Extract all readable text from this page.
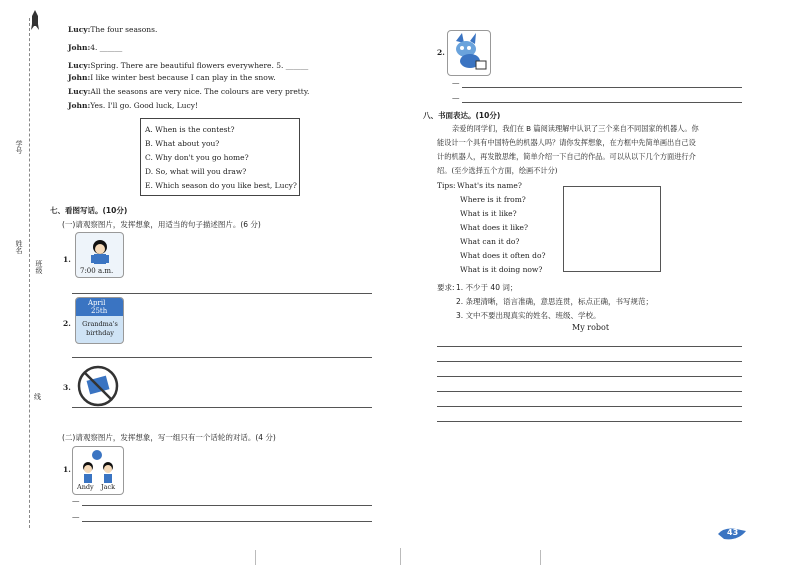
学号
姓名
班级
线
Lucy:The four seasons.
John:4. ______
Lucy:Spring. There are beautiful flowers everywhere. 5. ______
John:I like winter best because I can play in the snow.
Lucy:All the seasons are very nice. The colours are very pretty.
John:Yes. I'll go. Good luck, Lucy!
A. When is the contest?
B. What about you?
C. Why don't you go home?
D. So, what will you draw?
E. Which season do you like best, Lucy?
七、看图写话。(10分)
(一)请观察图片，发挥想象，用适当的句子描述图片。(6 分)
1.
7:00 a.m.
2.
April
25th
Grandma's birthday
3.
(二)请观察图片，发挥想象，写一组只有一个话轮的对话。(4 分)
1.
Andy Jack
—
—
2.
—
—
八、书面表达。(10分)
亲爱的同学们，我们在 B 篇阅读理解中认识了三个来自不同国家的机器人。你
能设计一个具有中国特色的机器人吗？请你发挥想象，在方框中先简单画出自己设
计的机器人，再发散思维，简单介绍一下自己的作品。可以从以下几个方面进行介
绍。(至少选择五个方面，绘画不计分)
Tips: What's its name?
Where is it from?
What is it like?
What does it like?
What can it do?
What does it often do?
What is it doing now?
要求: 1. 不少于 40 词；
2. 条理清晰，语言准确，意思连贯，标点正确，书写规范；
3. 文中不要出现真实的姓名、班级、学校。
My robot
43
